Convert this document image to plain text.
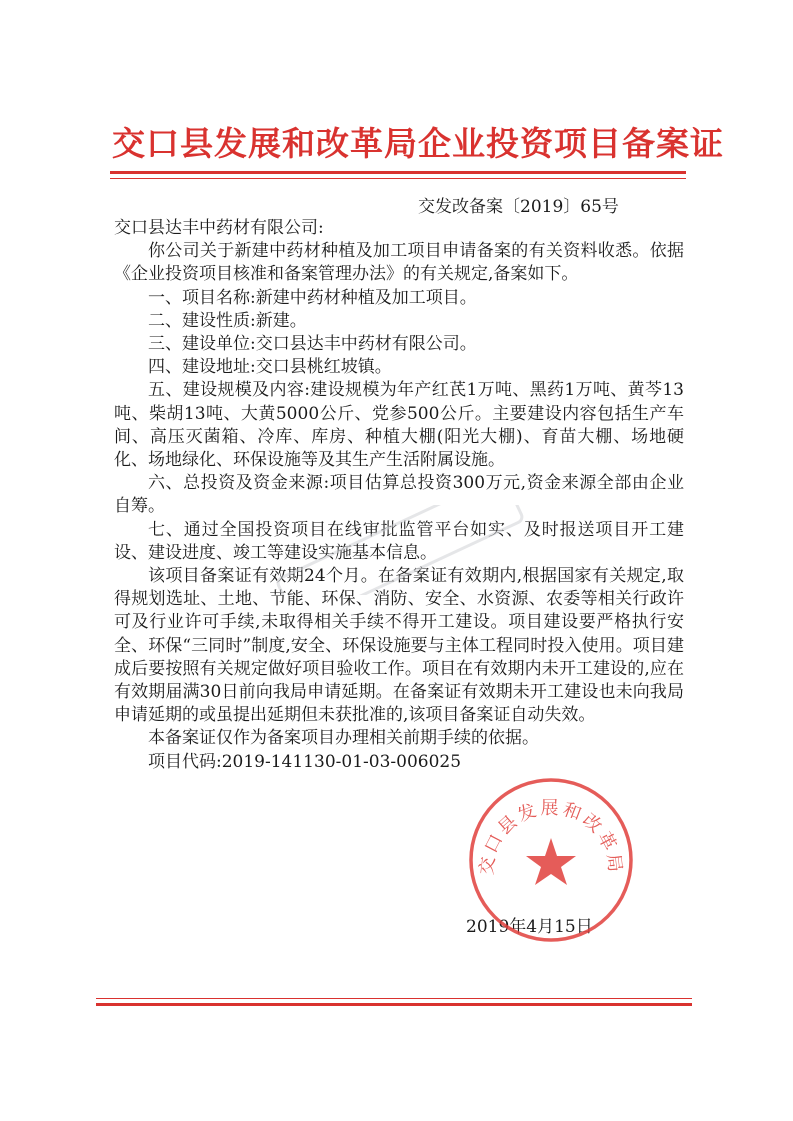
交口县发展和改革局企业投资项目备案证
交发改备案〔2019〕65号

交口县达丰中药材有限公司:

你公司关于新建中药材种植及加工项目申请备案的有关资料收悉。依据《企业投资项目核准和备案管理办法》的有关规定,备案如下。

一、项目名称:新建中药材种植及加工项目。

二、建设性质:新建。

三、建设单位:交口县达丰中药材有限公司。

四、建设地址:交口县桃红坡镇。

五、建设规模及内容:建设规模为年产红芪1万吨、黑药1万吨、黄芩13吨、柴胡13吨、大黄5000公斤、党参500公斤。主要建设内容包括生产车间、高压灭菌箱、冷库、库房、种植大棚(阳光大棚)、育苗大棚、场地硬化、场地绿化、环保设施等及其生产生活附属设施。

六、总投资及资金来源:项目估算总投资300万元,资金来源全部由企业自筹。

七、通过全国投资项目在线审批监管平台如实、及时报送项目开工建设、建设进度、竣工等建设实施基本信息。

该项目备案证有效期24个月。在备案证有效期内,根据国家有关规定,取得规划选址、土地、节能、环保、消防、安全、水资源、农委等相关行政许可及行业许可手续,未取得相关手续不得开工建设。项目建设要严格执行安全、环保“三同时”制度,安全、环保设施要与主体工程同时投入使用。项目建成后要按照有关规定做好项目验收工作。项目在有效期内未开工建设的,应在有效期届满30日前向我局申请延期。在备案证有效期未开工建设也未向我局申请延期的或虽提出延期但未获批准的,该项目备案证自动失效。

本备案证仅作为备案项目办理相关前期手续的依据。

项目代码:2019-141130-01-03-006025

2019年4月15日
交口县发展和改革局
